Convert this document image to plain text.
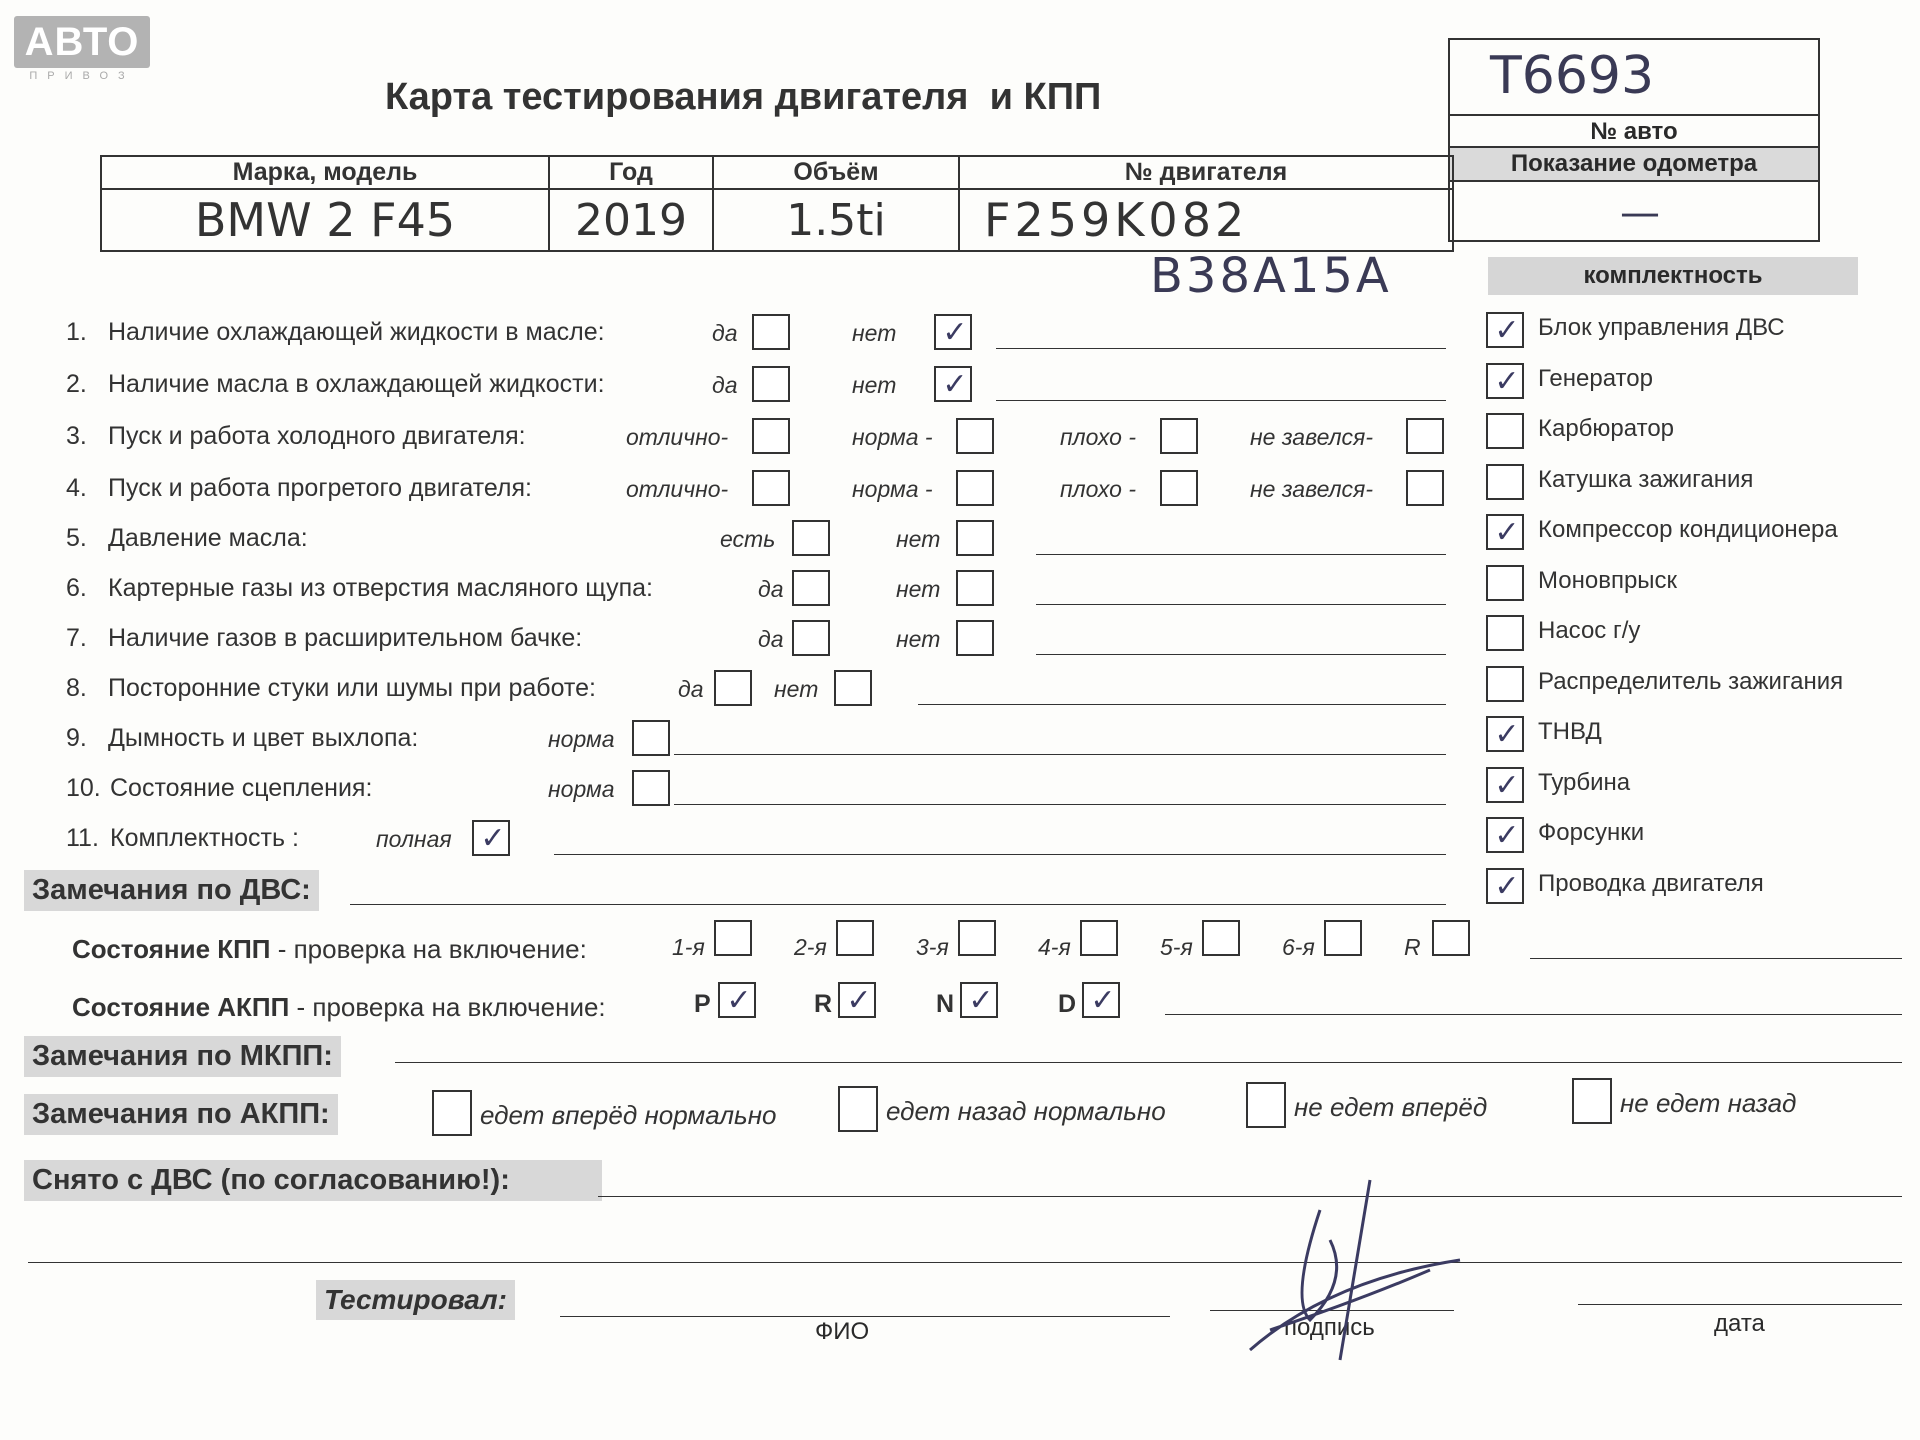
АВТО
ПРИВОЗ	Карта тестирования двигателя  и КПП	T6693
№ авто
Показание одометра
—
Марка, модель	Год	Объём	№ двигателя
BMW 2 F45	2019	1.5ti	F259K082
B38A15A
1. Наличие охлаждающей жидкости в масле:	да	нет ✓
2. Наличие масла в охлаждающей жидкости:	да	нет ✓
3. Пуск и работа холодного двигателя:	отлично-	норма -	плохо -	не завелся-
4. Пуск и работа прогретого двигателя:	отлично-	норма -	плохо -	не завелся-
5. Давление масла:	есть	нет
6. Картерные газы из отверстия масляного щупа:	да	нет
7. Наличие газов в расширительном бачке:	да	нет
8. Посторонние стуки или шумы при работе:	да	нет
9. Дымность и цвет выхлопа:	норма
10. Состояние сцепления:	норма
11. Комплектность :	полная ✓
комплектность
✓ Блок управления ДВС
✓ Генератор
Карбюратор
Катушка зажигания
✓ Компрессор кондиционера
Моновпрыск
Насос г/у
Распределитель зажигания
✓ ТНВД
✓ Турбина
✓ Форсунки
✓ Проводка двигателя
Замечания по ДВС:
Состояние КПП - проверка на включение:	1-я	2-я	3-я	4-я	5-я	6-я	R
Состояние АКПП - проверка на включение:	P ✓ R ✓	N ✓	D ✓
Замечания по МКПП:
Замечания по АКПП:	едет вперёд нормально	едет назад нормально	не едет вперёд	не едет назад
Снято с ДВС (по согласованию!):
Тестировал:
ФИО	подпись	дата
